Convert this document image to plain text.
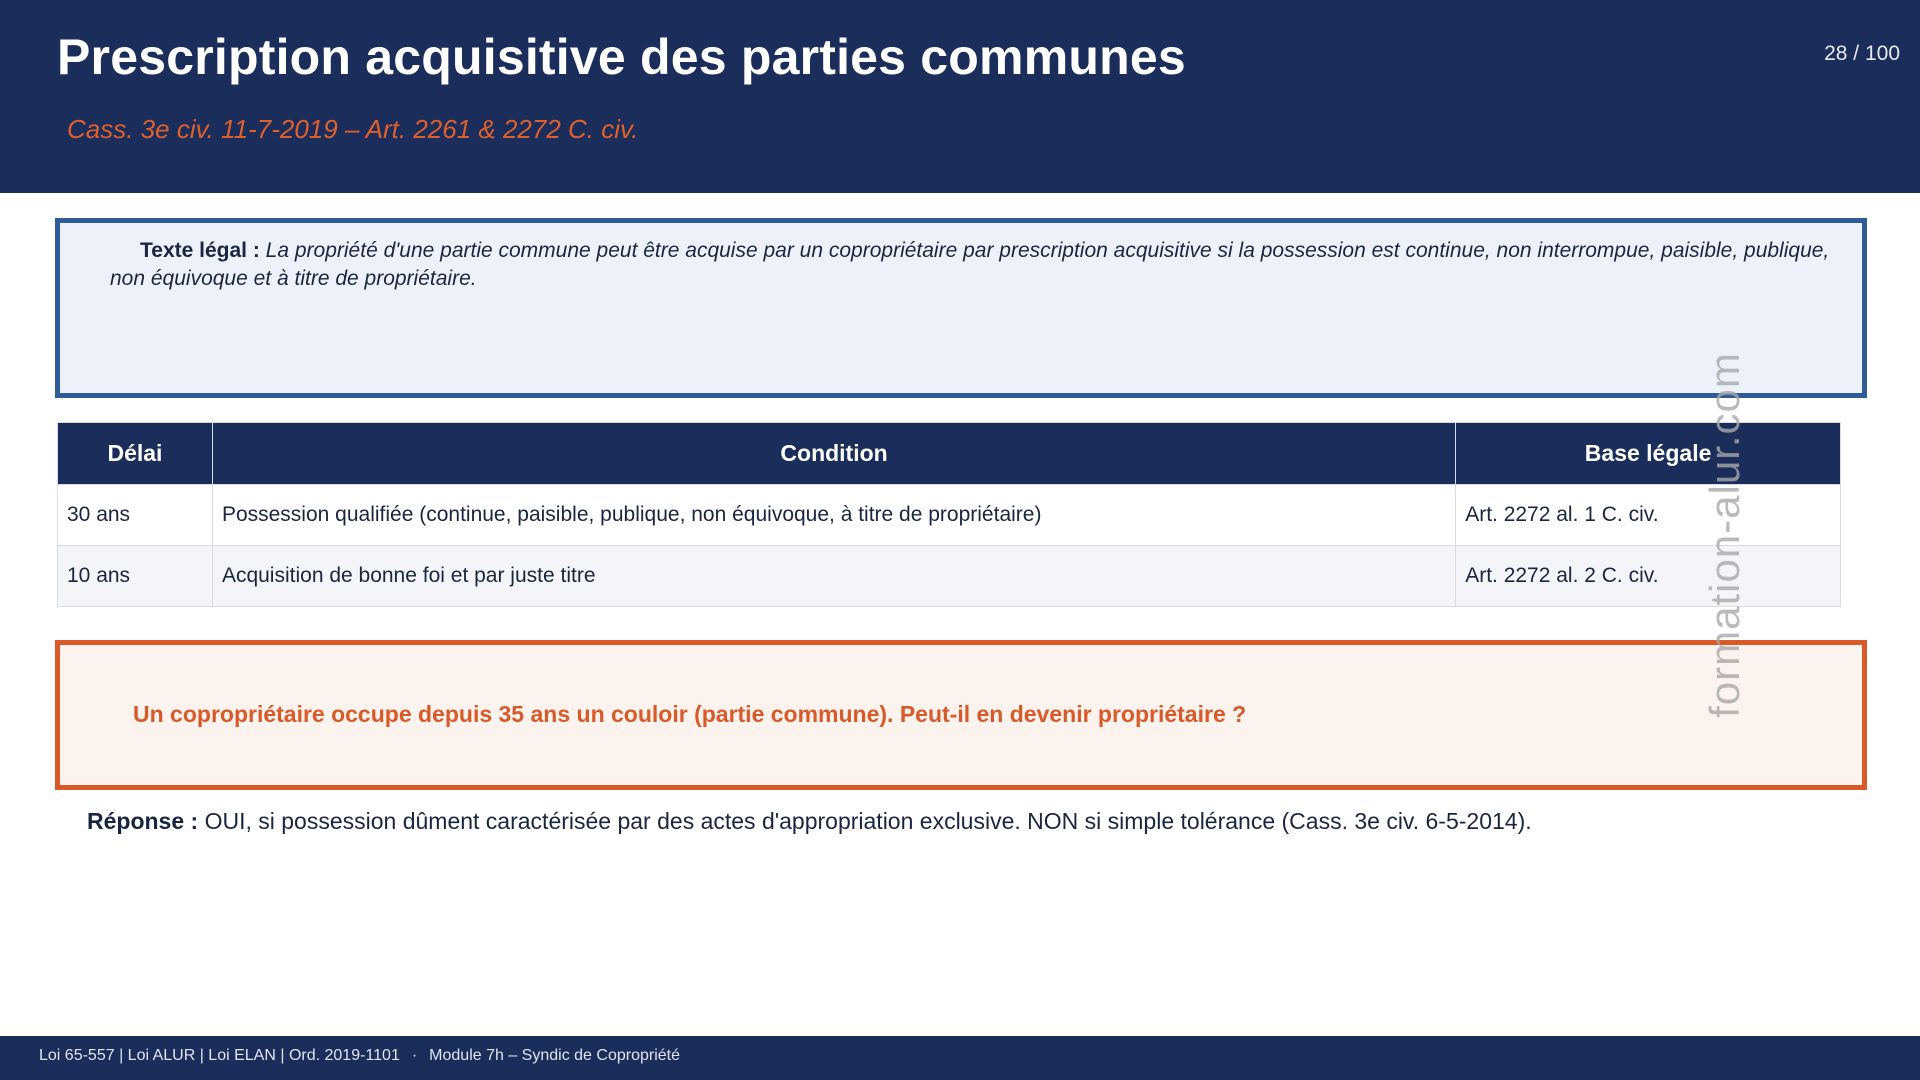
Prescription acquisitive des parties communes

Cass. 3e civ. 11-7-2019 – Art. 2261 & 2272 C. civ.

28 / 100
Texte légal : La propriété d'une partie commune peut être acquise par un copropriétaire par prescription acquisitive si la possession est continue, non interrompue, paisible, publique, non équivoque et à titre de propriétaire.
Délai	Condition	Base légale
30 ans	Possession qualifiée (continue, paisible, publique, non équivoque, à titre de propriétaire)	Art. 2272 al. 1 C. civ.
10 ans	Acquisition de bonne foi et par juste titre	Art. 2272 al. 2 C. civ.
Un copropriétaire occupe depuis 35 ans un couloir (partie commune). Peut-il en devenir propriétaire ?
Réponse : OUI, si possession dûment caractérisée par des actes d'appropriation exclusive. NON si simple tolérance (Cass. 3e civ. 6-5-2014).
formation-alur.com
Loi 65-557 | Loi ALUR | Loi ELAN | Ord. 2019-1101 · Module 7h – Syndic de Copropriété
